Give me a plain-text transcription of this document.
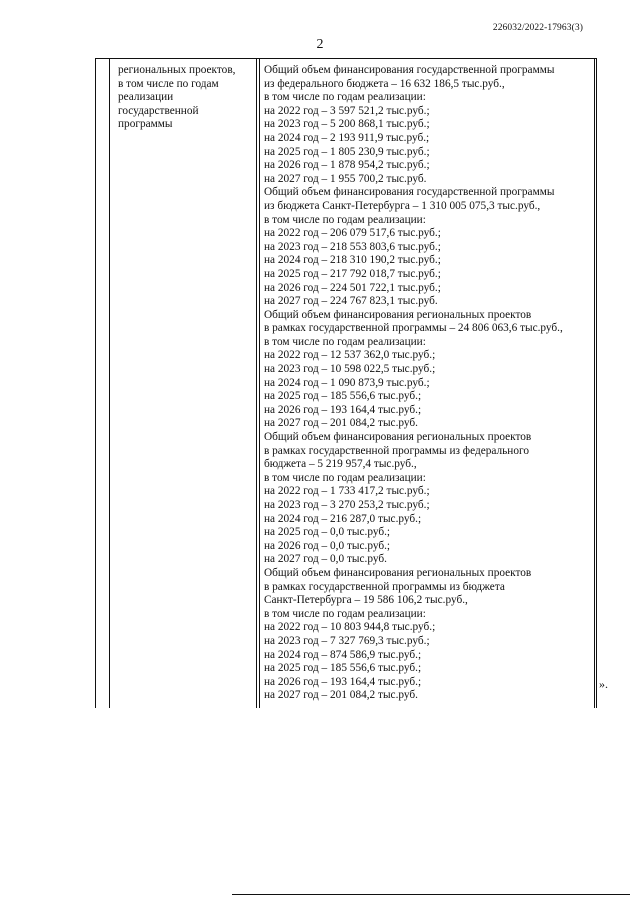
226032/2022-17963(3)
2
региональных проектов,
в том числе по годам
реализации
государственной
программы
Общий объем финансирования государственной программы
из федерального бюджета – 16 632 186,5 тыс.руб.,
в том числе по годам реализации:
на 2022 год – 3 597 521,2 тыс.руб.;
на 2023 год – 5 200 868,1 тыс.руб.;
на 2024 год – 2 193 911,9 тыс.руб.;
на 2025 год – 1 805 230,9 тыс.руб.;
на 2026 год – 1 878 954,2 тыс.руб.;
на 2027 год – 1 955 700,2 тыс.руб.
Общий объем финансирования государственной программы
из бюджета Санкт-Петербурга – 1 310 005 075,3 тыс.руб.,
в том числе по годам реализации:
на 2022 год – 206 079 517,6 тыс.руб.;
на 2023 год – 218 553 803,6 тыс.руб.;
на 2024 год – 218 310 190,2 тыс.руб.;
на 2025 год – 217 792 018,7 тыс.руб.;
на 2026 год – 224 501 722,1 тыс.руб.;
на 2027 год – 224 767 823,1 тыс.руб.
Общий объем финансирования региональных проектов
в рамках государственной программы – 24 806 063,6 тыс.руб.,
в том числе по годам реализации:
на 2022 год – 12 537 362,0 тыс.руб.;
на 2023 год – 10 598 022,5 тыс.руб.;
на 2024 год – 1 090 873,9 тыс.руб.;
на 2025 год – 185 556,6 тыс.руб.;
на 2026 год – 193 164,4 тыс.руб.;
на 2027 год – 201 084,2 тыс.руб.
Общий объем финансирования региональных проектов
в рамках государственной программы из федерального
бюджета – 5 219 957,4 тыс.руб.,
в том числе по годам реализации:
на 2022 год – 1 733 417,2 тыс.руб.;
на 2023 год – 3 270 253,2 тыс.руб.;
на 2024 год – 216 287,0 тыс.руб.;
на 2025 год – 0,0 тыс.руб.;
на 2026 год – 0,0 тыс.руб.;
на 2027 год – 0,0 тыс.руб.
Общий объем финансирования региональных проектов
в рамках государственной программы из бюджета
Санкт-Петербурга – 19 586 106,2 тыс.руб.,
в том числе по годам реализации:
на 2022 год – 10 803 944,8 тыс.руб.;
на 2023 год – 7 327 769,3 тыс.руб.;
на 2024 год – 874 586,9 тыс.руб.;
на 2025 год – 185 556,6 тыс.руб.;
на 2026 год – 193 164,4 тыс.руб.;
на 2027 год – 201 084,2 тыс.руб.
».
